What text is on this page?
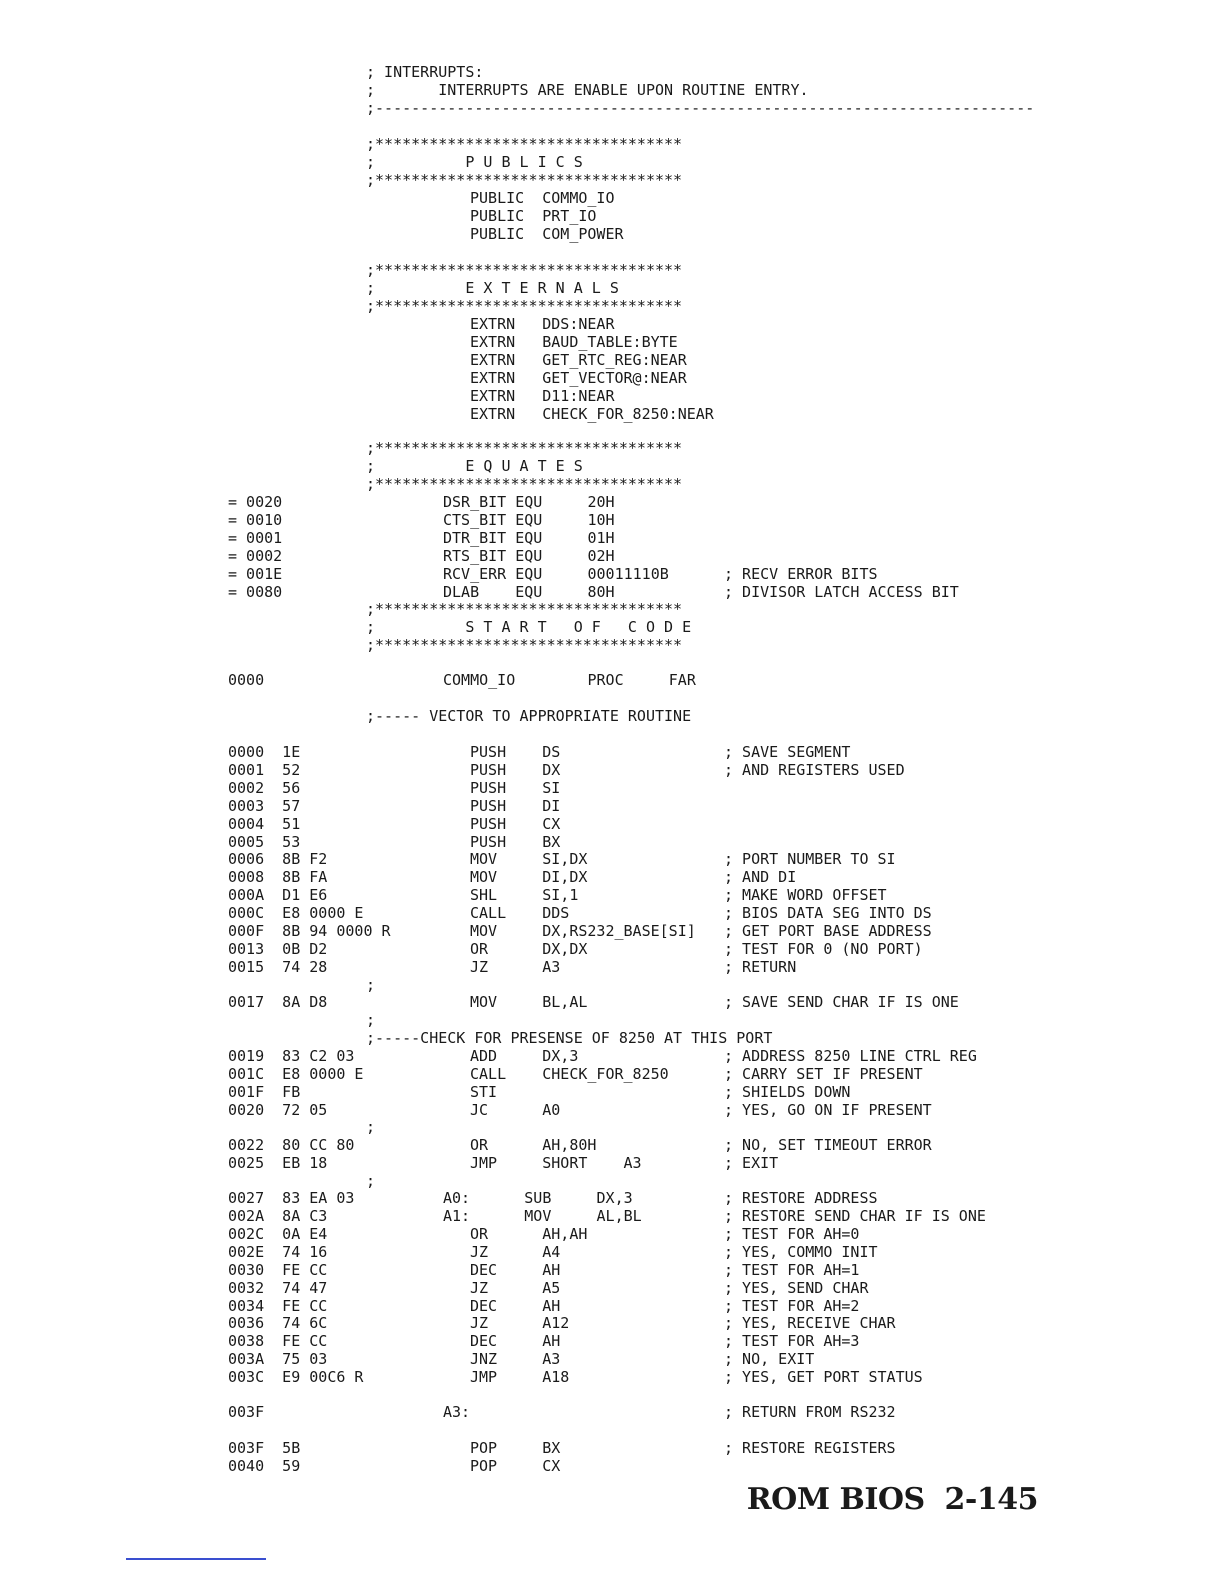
; INTERRUPTS:
;       INTERRUPTS ARE ENABLE UPON ROUTINE ENTRY.
;-------------------------------------------------------------------------
;**********************************
;          P U B L I C S
;**********************************
PUBLIC  COMMO_IO
PUBLIC  PRT_IO
PUBLIC  COM_POWER
;**********************************
;          E X T E R N A L S
;**********************************
EXTRN   DDS:NEAR
EXTRN   BAUD_TABLE:BYTE
EXTRN   GET_RTC_REG:NEAR
EXTRN   GET_VECTOR@:NEAR
EXTRN   D11:NEAR
EXTRN   CHECK_FOR_8250:NEAR
;**********************************
;          E Q U A T E S
;**********************************
= 0020	DSR_BIT EQU     20H
= 0010	CTS_BIT EQU     10H
= 0001	DTR_BIT EQU     01H
= 0002	RTS_BIT EQU     02H
= 001E	RCV_ERR EQU     00011110B	; RECV ERROR BITS
= 0080	DLAB    EQU     80H	; DIVISOR LATCH ACCESS BIT
;**********************************
;          S T A R T   O F   C O D E
;**********************************
0000	COMMO_IO        PROC     FAR
;----- VECTOR TO APPROPRIATE ROUTINE
0000  1E	PUSH    DS	; SAVE SEGMENT
0001  52	PUSH    DX	; AND REGISTERS USED
0002  56	PUSH    SI
0003  57	PUSH    DI
0004  51	PUSH    CX
0005  53	PUSH    BX
0006  8B F2	MOV     SI,DX	; PORT NUMBER TO SI
0008  8B FA	MOV     DI,DX	; AND DI
000A  D1 E6	SHL     SI,1	; MAKE WORD OFFSET
000C  E8 0000 E	CALL    DDS	; BIOS DATA SEG INTO DS
000F  8B 94 0000 R	MOV     DX,RS232_BASE[SI] ; GET PORT BASE ADDRESS
0013  0B D2	OR      DX,DX	; TEST FOR 0 (NO PORT)
0015  74 28	JZ      A3	; RETURN
;
0017  8A D8	MOV     BL,AL	; SAVE SEND CHAR IF IS ONE
;
;-----CHECK FOR PRESENSE OF 8250 AT THIS PORT
0019  83 C2 03	ADD     DX,3	; ADDRESS 8250 LINE CTRL REG
001C  E8 0000 E	CALL    CHECK_FOR_8250	; CARRY SET IF PRESENT
001F  FB	STI	; SHIELDS DOWN
0020  72 05	JC      A0	; YES, GO ON IF PRESENT
;
0022  80 CC 80	OR      AH,80H	; NO, SET TIMEOUT ERROR
0025  EB 18	JMP     SHORT    A3	; EXIT
;
0027  83 EA 03	A0:      SUB     DX,3	; RESTORE ADDRESS
002A  8A C3	A1:      MOV     AL,BL	; RESTORE SEND CHAR IF IS ONE
002C  0A E4	OR      AH,AH	; TEST FOR AH=0
002E  74 16	JZ      A4	; YES, COMMO INIT
0030  FE CC	DEC     AH	; TEST FOR AH=1
0032  74 47	JZ      A5	; YES, SEND CHAR
0034  FE CC	DEC     AH	; TEST FOR AH=2
0036  74 6C	JZ      A12	; YES, RECEIVE CHAR
0038  FE CC	DEC     AH	; TEST FOR AH=3
003A  75 03	JNZ     A3	; NO, EXIT
003C  E9 00C6 R	JMP     A18	; YES, GET PORT STATUS
003F	A3:	; RETURN FROM RS232
003F  5B	POP     BX	; RESTORE REGISTERS
0040  59	POP     CX
ROM BIOS  2-145
